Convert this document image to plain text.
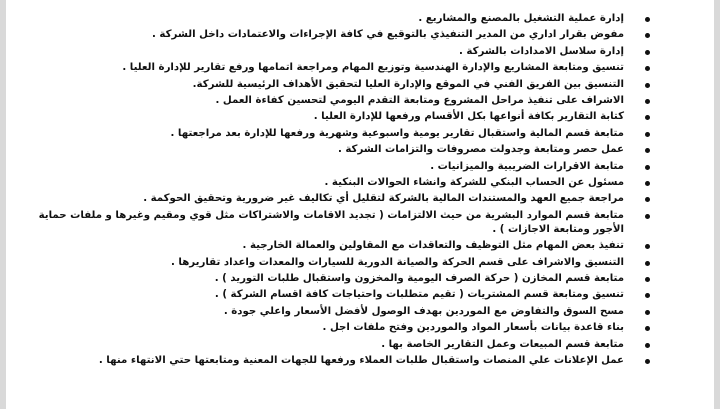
إدارة عملية التشغيل بالمصنع والمشاريع .
مفوض بقرار اداري من المدير التنفيذي بالتوقيع في كافة الإجراءات والاعتمادات داخل الشركة .
إدارة سلاسل الامدادات بالشركة .
تنسيق ومتابعة المشاريع والإدارة الهندسية وتوزيع المهام ومراجعة اتمامها ورفع تقارير للإدارة العليا .
التنسيق بين الفريق الفني في الموقع والإدارة العليا لتحقيق الأهداف الرئيسية للشركة.
الاشراف على تنفيذ مراحل المشروع ومتابعة التقدم اليومي لتحسين كفاءة العمل .
كتابة التقارير بكافة أنواعها بكل الأقسام ورفعها للإدارة العليا .
متابعة قسم المالية واستقبال تقارير يومية واسبوعية وشهرية ورفعها للإدارة بعد مراجعتها .
عمل حصر ومتابعة وجدولت مصروفات والتزامات الشركة .
متابعة الاقرارات الضريبية والميزانيات .
مسئول عن الحساب البنكي للشركة وانشاء الحوالات البنكية .
مراجعة جميع العهد والمستندات المالية بالشركة لتقليل أي تكاليف غير ضرورية وتحقيق الحوكمة .
متابعة قسم الموارد البشرية من حيث الالتزامات ( تجديد الاقامات والاشتراكات مثل قوي ومقيم وغيرها و ملفات حماية الأجور ومتابعة الاجازات ) .
تنفيذ بعض المهام مثل التوظيف والتعاقدات مع المقاولين والعمالة الخارجية .
التنسيق والاشراف على قسم الحركة والصيانة الدورية للسيارات والمعدات واعداد تقاريرها .
متابعة قسم المخازن ( حركة الصرف اليومية والمخزون واستقبال طلبات التوريد ) .
تنسيق ومتابعة قسم المشتريات ( تقيم متطلبات واحتياجات كافة اقسام الشركة ) .
مسح السوق والتفاوض مع الموردين بهدف الوصول لأفضل الأسعار واعلي جودة .
بناء قاعدة بيانات بأسعار المواد والموردين وفتح ملفات اجل .
متابعة قسم المبيعات وعمل التقارير الخاصة بها .
عمل الإعلانات علي المنصات واستقبال طلبات العملاء ورفعها للجهات المعنية ومتابعتها حتي الانتهاء منها .
